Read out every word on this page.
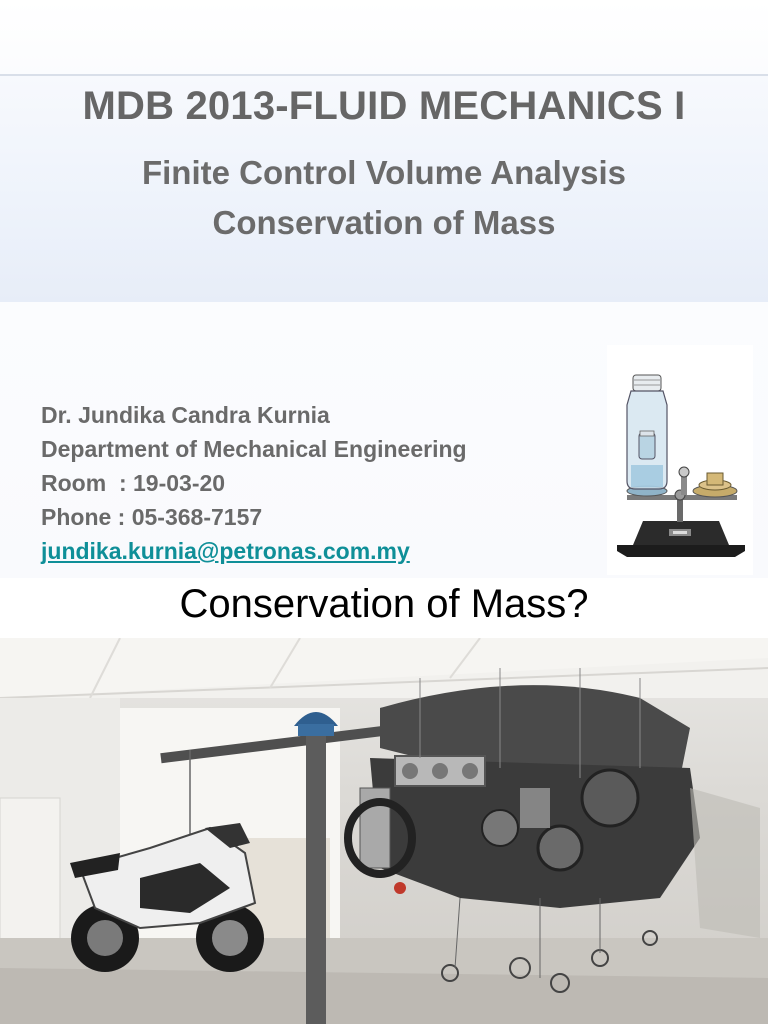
MDB 2013-FLUID MECHANICS I
Finite Control Volume Analysis
Conservation of Mass
Dr. Jundika Candra Kurnia
Department of Mechanical Engineering
Room  : 19-03-20
Phone : 05-368-7157
jundika.kurnia@petronas.com.my
Conservation of Mass?
